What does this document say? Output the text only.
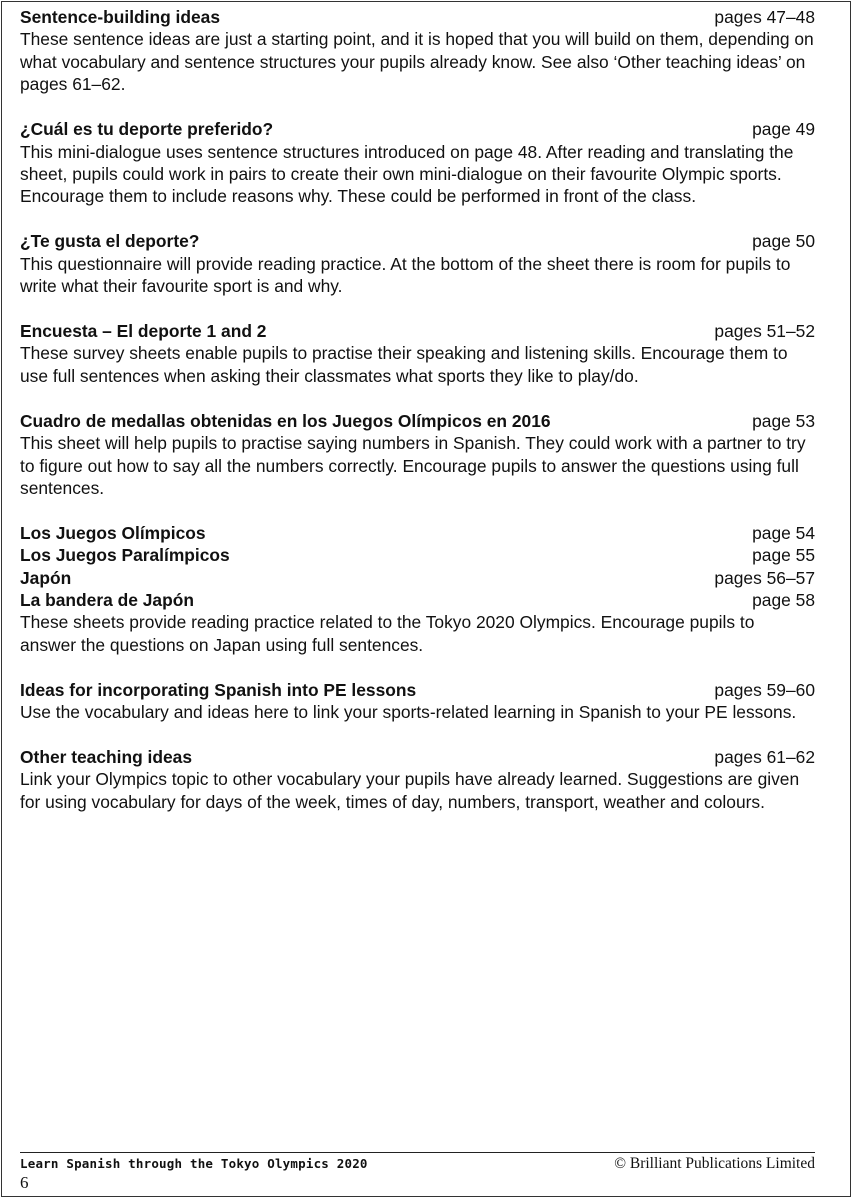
Sentence-building ideas	pages 47–48

These sentence ideas are just a starting point, and it is hoped that you will build on them, depending on what vocabulary and sentence structures your pupils already know. See also ‘Other teaching ideas’ on pages 61–62.

¿Cuál es tu deporte preferido?	page 49

This mini-dialogue uses sentence structures introduced on page 48. After reading and translating the sheet, pupils could work in pairs to create their own mini-dialogue on their favourite Olympic sports. Encourage them to include reasons why. These could be performed in front of the class.

¿Te gusta el deporte?	page 50

This questionnaire will provide reading practice. At the bottom of the sheet there is room for pupils to write what their favourite sport is and why.

Encuesta – El deporte 1 and 2	pages 51–52

These survey sheets enable pupils to practise their speaking and listening skills. Encourage them to use full sentences when asking their classmates what sports they like to play/do.

Cuadro de medallas obtenidas en los Juegos Olímpicos en 2016	page 53

This sheet will help pupils to practise saying numbers in Spanish. They could work with a partner to try to figure out how to say all the numbers correctly. Encourage pupils to answer the questions using full sentences.

Los Juegos Olímpicos	page 54
Los Juegos Paralímpicos	page 55
Japón	pages 56–57
La bandera de Japón	page 58

These sheets provide reading practice related to the Tokyo 2020 Olympics. Encourage pupils to answer the questions on Japan using full sentences.

Ideas for incorporating Spanish into PE lessons	pages 59–60

Use the vocabulary and ideas here to link your sports-related learning in Spanish to your PE lessons.

Other teaching ideas	pages 61–62

Link your Olympics topic to other vocabulary your pupils have already learned. Suggestions are given for using vocabulary for days of the week, times of day, numbers, transport, weather and colours.

Learn Spanish through the Tokyo Olympics 2020	© Brilliant Publications Limited
6
